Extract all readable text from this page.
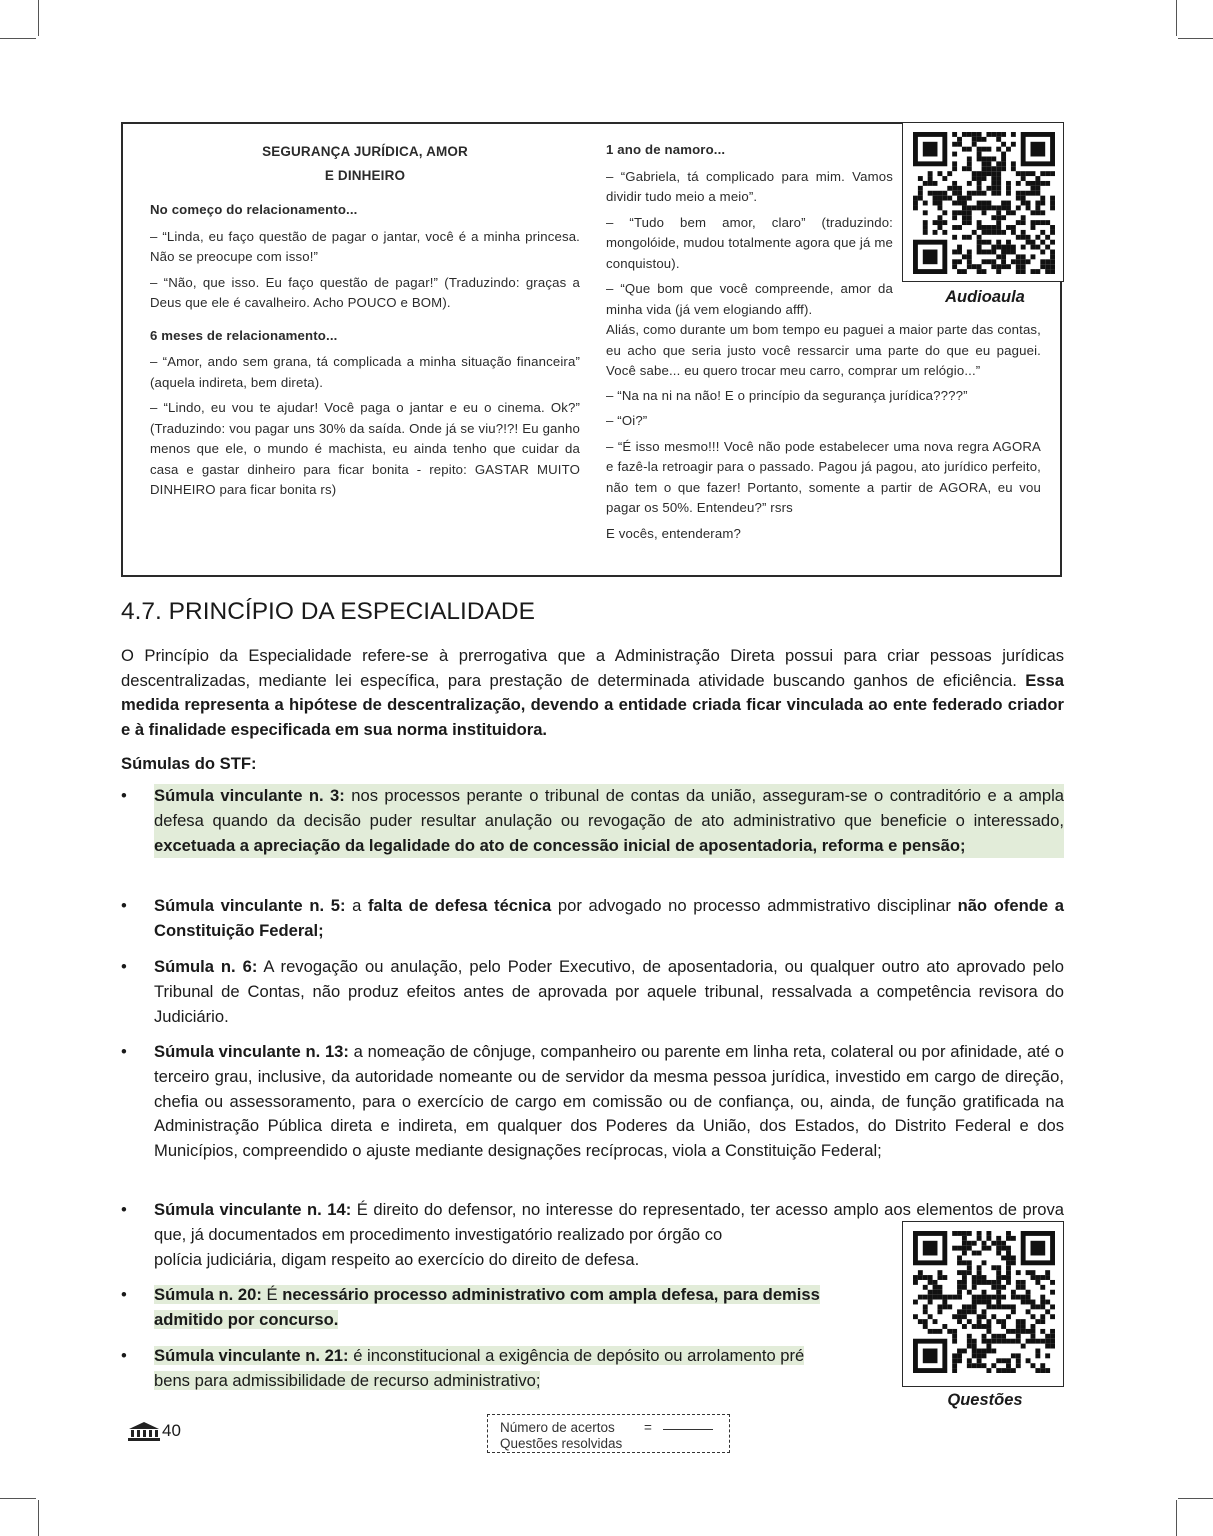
SEGURANÇA JURÍDICA, AMOR

E DINHEIRO

No começo do relacionamento...

– “Linda, eu faço questão de pagar o jantar, você é a minha princesa. Não se preocupe com isso!”

– “Não, que isso. Eu faço questão de pagar!” (Traduzindo: graças a Deus que ele é cavalheiro. Acho POUCO e BOM).

6 meses de relacionamento...

– “Amor, ando sem grana, tá complicada a minha situação financeira” (aquela indireta, bem direta).

– “Lindo, eu vou te ajudar! Você paga o jantar e eu o cinema. Ok?” (Traduzindo: vou pagar uns 30% da saída. Onde já se viu?!?! Eu ganho menos que ele, o mundo é machista, eu ainda tenho que cuidar da casa e gastar dinheiro para ficar bonita - repito: GASTAR MUITO DINHEIRO para ficar bonita rs)

1 ano de namoro...

– “Gabriela, tá complicado para mim. Vamos dividir tudo meio a meio”.

– “Tudo bem amor, claro” (traduzindo: mongolóide, mudou totalmente agora que já me conquistou).

– “Que bom que você compreende, amor da minha vida (já vem elogiando afff).

Aliás, como durante um bom tempo eu paguei a maior parte das contas, eu acho que seria justo você ressarcir uma parte do que eu paguei. Você sabe... eu quero trocar meu carro, comprar um relógio...”

– “Na na ni na não! E o princípio da segurança jurídica????”

– “Oi?”

– “É isso mesmo!!! Você não pode estabelecer uma nova regra AGORA e fazê-la retroagir para o passado. Pagou já pagou, ato jurídico perfeito, não tem o que fazer! Portanto, somente a partir de AGORA, eu vou pagar os 50%. Entendeu?” rsrs

E vocês, entenderam?

Audioaula
4.7. PRINCÍPIO DA ESPECIALIDADE

O Princípio da Especialidade refere-se à prerrogativa que a Administração Direta possui para criar pessoas jurídicas descentralizadas, mediante lei específica, para prestação de determinada atividade buscando ganhos de eficiência. Essa medida representa a hipótese de descentralização, devendo a entidade criada ficar vinculada ao ente federado criador e à finalidade especificada em sua norma instituidora.

Súmulas do STF:

•	Súmula vinculante n. 3: nos processos perante o tribunal de contas da união, asseguram-se o contraditório e a ampla defesa quando da decisão puder resultar anulação ou revogação de ato administrativo que beneficie o interessado, excetuada a apreciação da legalidade do ato de concessão inicial de aposentadoria, reforma e pensão;
•	Súmula vinculante n. 5: a falta de defesa técnica por advogado no processo admmistrativo disciplinar não ofende a Constituição Federal;
•	Súmula n. 6: A revogação ou anulação, pelo Poder Executivo, de aposentadoria, ou qualquer outro ato aprovado pelo Tribunal de Contas, não produz efeitos antes de aprovada por aquele tribunal, ressalvada a competência revisora do Judiciário.
•	Súmula vinculante n. 13: a nomeação de cônjuge, companheiro ou parente em linha reta, colateral ou por afinidade, até o terceiro grau, inclusive, da autoridade nomeante ou de servidor da mesma pessoa jurídica, investido em cargo de direção, chefia ou assessoramento, para o exercício de cargo em comissão ou de confiança, ou, ainda, de função gratificada na Administração Pública direta e indireta, em qualquer dos Poderes da União, dos Estados, do Distrito Federal e dos Municípios, compreendido o ajuste mediante designações recíprocas, viola a Constituição Federal;
•	Súmula vinculante n. 14: É direito do defensor, no interesse do representado, ter acesso amplo aos elementos de prova que, já documentados em procedimento investigatório realizado por órgão co
polícia judiciária, digam respeito ao exercício do direito de defesa.
•	Súmula n. 20: É necessário processo administrativo com ampla defesa, para demiss
admitido por concurso.
•	Súmula vinculante n. 21: é inconstitucional a exigência de depósito ou arrolamento pré
bens para admissibilidade de recurso administrativo;
Questões
40	Número de acertos
Questões resolvidas
=
